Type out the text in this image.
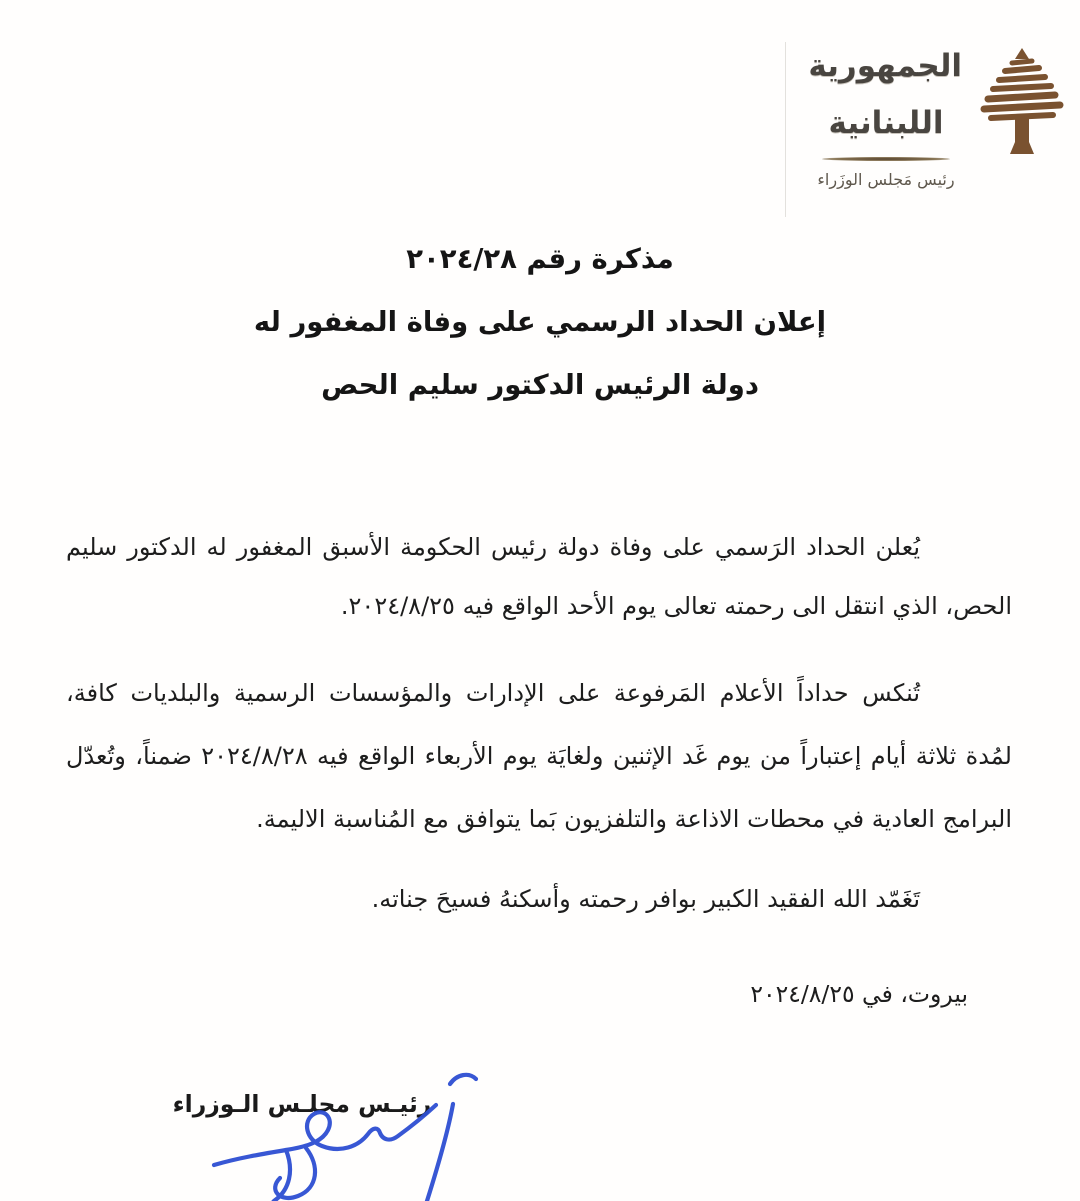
الجمهورية
اللبنانية
رئيس مَجلس الوزَراء
مذكرة رقم ٢٠٢٤/٢٨
إعلان الحداد الرسمي على وفاة المغفور له
دولة الرئيس الدكتور سليم الحص

يُعلن الحداد الرَسمي على وفاة دولة رئيس الحكومة الأسبق المغفور له الدكتور سليم الحص، الذي انتقل الى رحمته تعالى يوم الأحد الواقع فيه ٢٠٢٤/٨/٢٥.

تُنكس حداداً الأعلام المَرفوعة على الإدارات والمؤسسات الرسمية والبلديات كافة، لمُدة ثلاثة أيام إعتباراً من يوم غَد الإثنين ولغايَة يوم الأربعاء الواقع فيه ٢٠٢٤/٨/٢٨ ضمناً، وتُعدّل البرامج العادية في محطات الاذاعة والتلفزيون بَما يتوافق مع المُناسبة الاليمة.

تَغَمّد الله الفقيد الكبير بوافر رحمته وأسكنهُ فسيحَ جناته.

بيروت، في ٢٠٢٤/٨/٢٥
رئيـس مجلـس الـوزراء
